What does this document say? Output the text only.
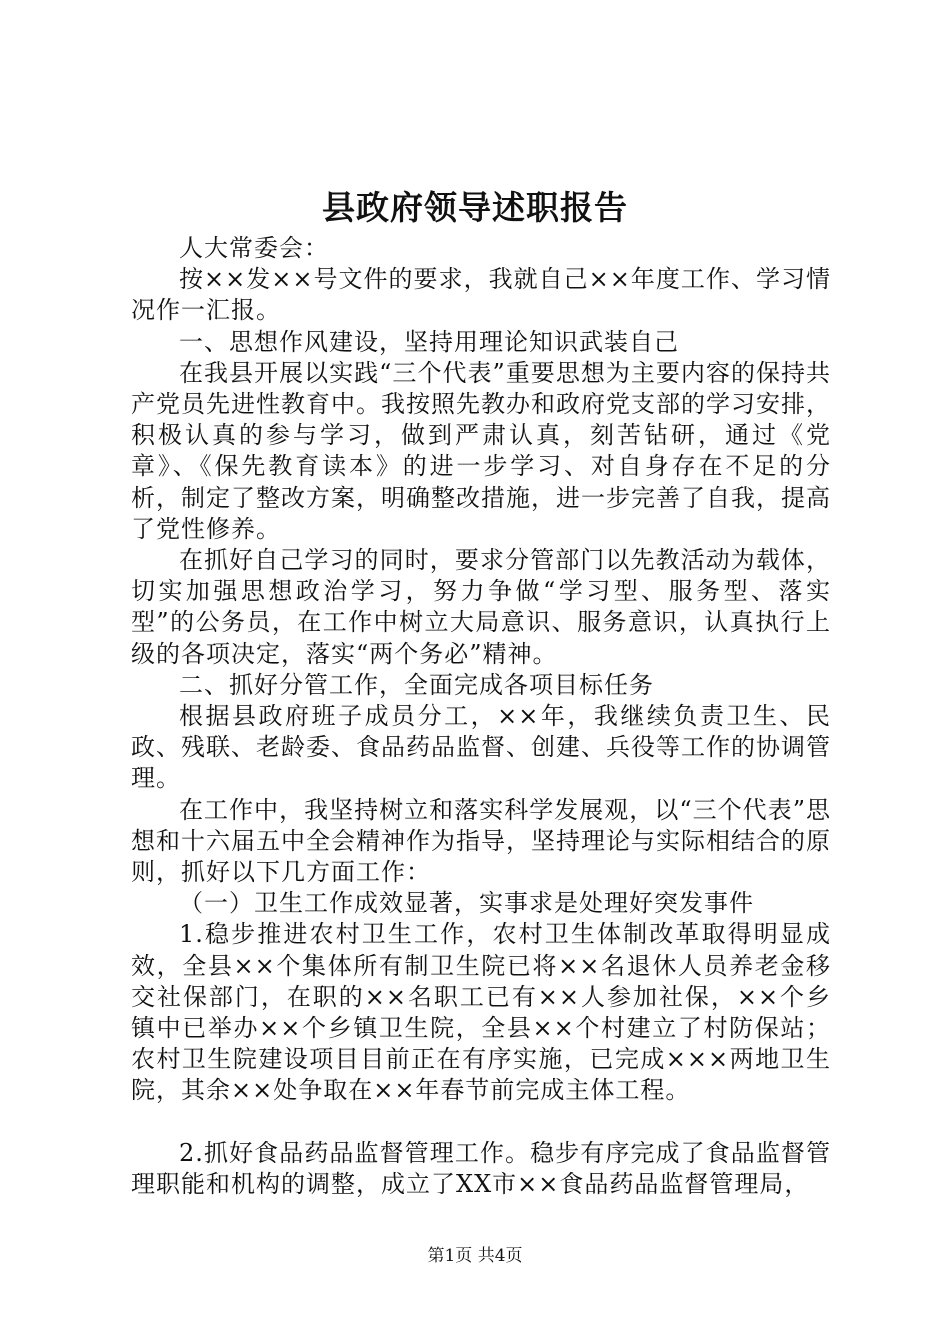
县政府领导述职报告

人大常委会：

按××发××号文件的要求，我就自己××年度工作、学习情况作一汇报。

一、思想作风建设，坚持用理论知识武装自己

在我县开展以实践“三个代表”重要思想为主要内容的保持共产党员先进性教育中。我按照先教办和政府党支部的学习安排，积极认真的参与学习，做到严肃认真，刻苦钻研，通过《党章》、《保先教育读本》的进一步学习、对自身存在不足的分析，制定了整改方案，明确整改措施，进一步完善了自我，提高了党性修养。

在抓好自己学习的同时，要求分管部门以先教活动为载体，切实加强思想政治学习，努力争做“学习型、服务型、落实型”的公务员，在工作中树立大局意识、服务意识，认真执行上级的各项决定，落实“两个务必”精神。

二、抓好分管工作，全面完成各项目标任务

根据县政府班子成员分工，××年，我继续负责卫生、民政、残联、老龄委、食品药品监督、创建、兵役等工作的协调管理。

在工作中，我坚持树立和落实科学发展观，以“三个代表”思想和十六届五中全会精神作为指导，坚持理论与实际相结合的原则，抓好以下几方面工作：

（一）卫生工作成效显著，实事求是处理好突发事件

1.稳步推进农村卫生工作，农村卫生体制改革取得明显成效，全县××个集体所有制卫生院已将××名退休人员养老金移交社保部门，在职的××名职工已有××人参加社保，××个乡镇中已举办××个乡镇卫生院，全县××个村建立了村防保站；农村卫生院建设项目目前正在有序实施，已完成×××两地卫生院，其余××处争取在××年春节前完成主体工程。

2.抓好食品药品监督管理工作。稳步有序完成了食品监督管理职能和机构的调整，成立了XX市××食品药品监督管理局，

第1页 共4页
